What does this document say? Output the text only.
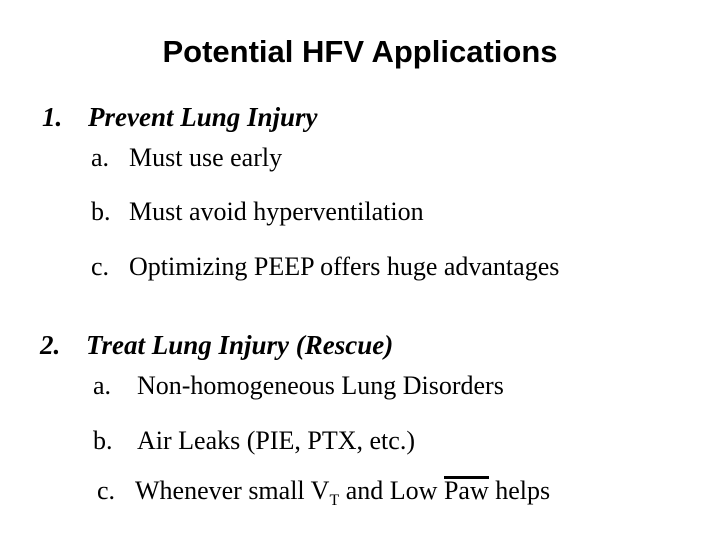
Potential HFV Applications
1. Prevent Lung Injury
a. Must use early
b. Must avoid hyperventilation
c. Optimizing PEEP offers huge advantages
2. Treat Lung Injury (Rescue)
a. Non-homogeneous Lung Disorders
b. Air Leaks (PIE, PTX, etc.)
c. Whenever small $V_T$ and Low Paw helps
